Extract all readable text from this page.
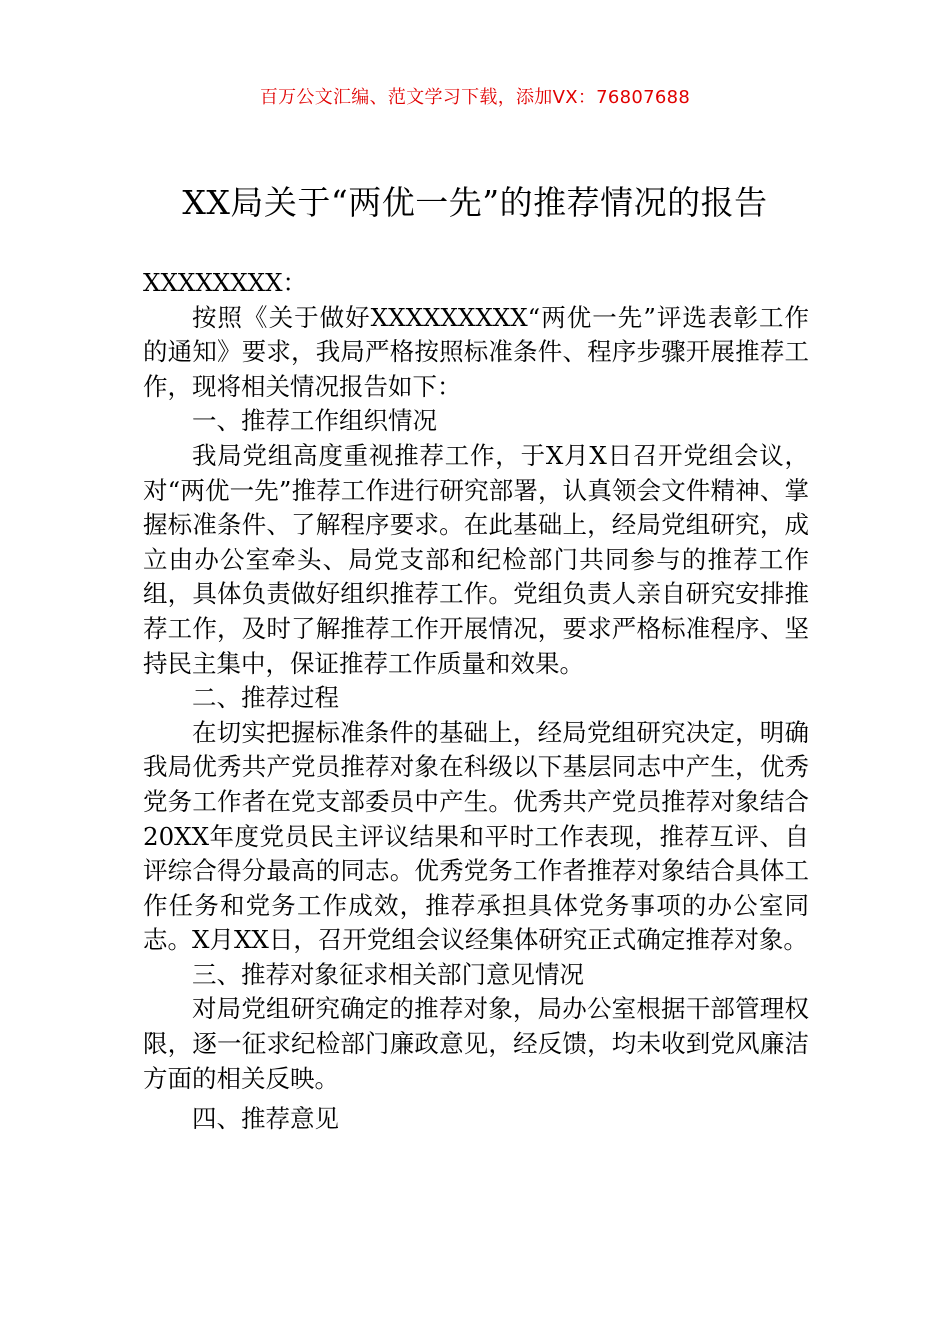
百万公文汇编、范文学习下载，添加VX：76807688
XX局关于“两优一先”的推荐情况的报告

XXXXXXXX：

按照《关于做好XXXXXXXXX“两优一先”评选表彰工作的通知》要求，我局严格按照标准条件、程序步骤开展推荐工作，现将相关情况报告如下：

一、推荐工作组织情况

我局党组高度重视推荐工作，于X月X日召开党组会议，对“两优一先”推荐工作进行研究部署，认真领会文件精神、掌握标准条件、了解程序要求。在此基础上，经局党组研究，成立由办公室牵头、局党支部和纪检部门共同参与的推荐工作组，具体负责做好组织推荐工作。党组负责人亲自研究安排推荐工作，及时了解推荐工作开展情况，要求严格标准程序、坚持民主集中，保证推荐工作质量和效果。

二、推荐过程

在切实把握标准条件的基础上，经局党组研究决定，明确我局优秀共产党员推荐对象在科级以下基层同志中产生，优秀党务工作者在党支部委员中产生。优秀共产党员推荐对象结合20XX年度党员民主评议结果和平时工作表现，推荐互评、自评综合得分最高的同志。优秀党务工作者推荐对象结合具体工作任务和党务工作成效，推荐承担具体党务事项的办公室同志。X月XX日，召开党组会议经集体研究正式确定推荐对象。

三、推荐对象征求相关部门意见情况

对局党组研究确定的推荐对象，局办公室根据干部管理权限，逐一征求纪检部门廉政意见，经反馈，均未收到党风廉洁方面的相关反映。

四、推荐意见
